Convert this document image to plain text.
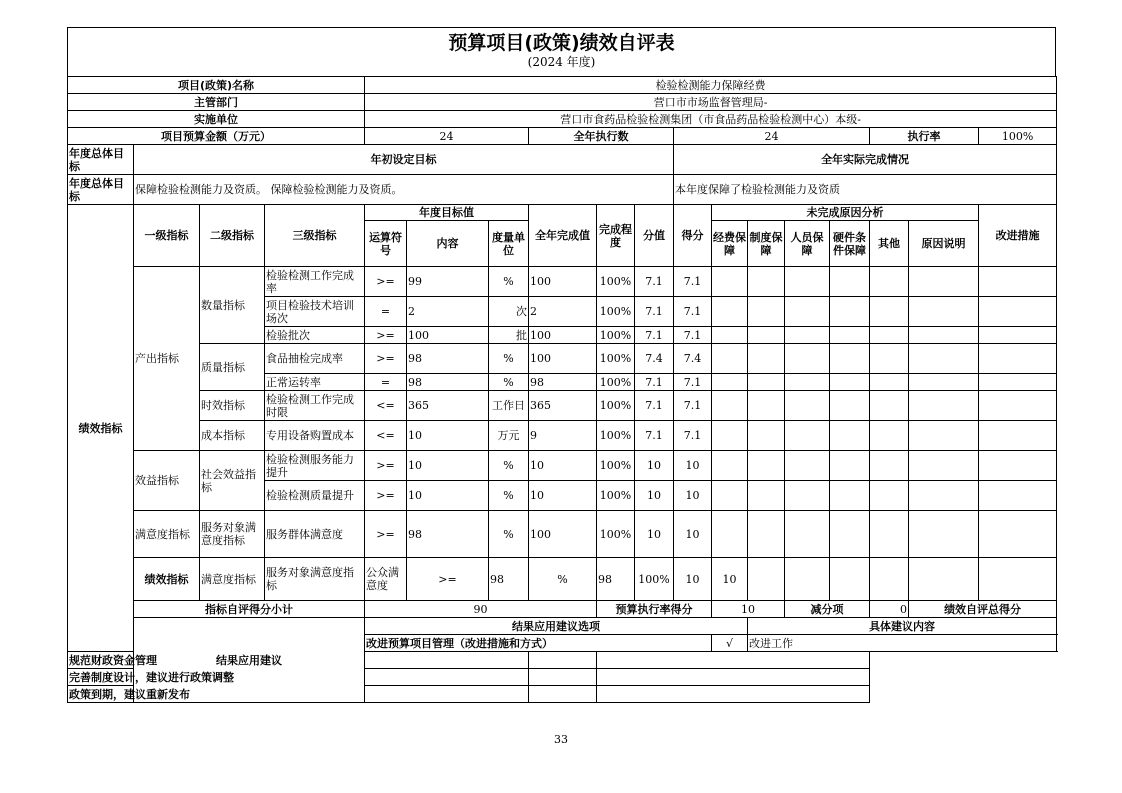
预算项目(政策)绩效自评表
(2024 年度)
项目(政策)名称				检验检测能力保障经费														
主管部门				营口市市场监督管理局-														
实施单位				营口市食药品检验检测集团（市食品药品检验检测中心）本级-														
项目预算金额（万元）				24			全年执行数			24					执行率		100%	
年度总体目标	年初设定目标									全年实际完成情况								
年度总体目标	保障检验检测能力及资质。 保障检验检测能力及资质。									本年度保障了检验检测能力及资质								
绩效指标	一级指标	二级指标	三级指标	年度目标值			全年完成值	完成程度	分值	得分	未完成原因分析						改进措施	
				运算符号	内容	度量单位					经费保障	制度保障	人员保障	硬件条件保障	其他	原因说明		
	产出指标	数量指标	检验检测工作完成率	>=	99	%	100	100%	7.1	7.1								
			项目检验技术培训场次	=	2	次	2	100%	7.1	7.1								
			检验批次	>=	100	批	100	100%	7.1	7.1								
		质量指标	食品抽检完成率	>=	98	%	100	100%	7.4	7.4								
			正常运转率	=	98	%	98	100%	7.1	7.1								
		时效指标	检验检测工作完成时限	<=	365	工作日	365	100%	7.1	7.1								
		成本指标	专用设备购置成本	<=	10	万元	9	100%	7.1	7.1								
	效益指标	社会效益指标	检验检测服务能力提升	>=	10	%	10	100%	10	10								
			检验检测质量提升	>=	10	%	10	100%	10	10								
	满意度指标	服务对象满意度指标	服务群体满意度	>=	98	%	100	100%	10	10								
	绩效指标	满意度指标	服务对象满意度指标	公众满意度	>=	98	%	98	100%	10	10							
	指标自评得分小计			90				预算执行率得分			10		减分项		0	绩效自评总得分	
	结果应用建议			结果应用建议选项								具体建议内容						
				改进预算项目管理（改进措施和方式）							√	改进工作						
规范财政资金管理																		
完善制度设计，建议进行政策调整																		
政策到期，建议重新发布																		
33
